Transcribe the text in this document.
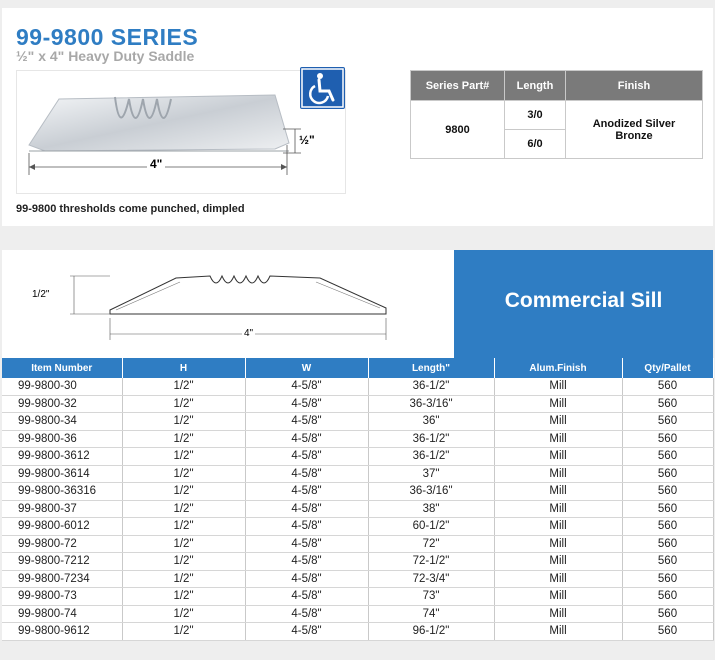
99-9800 SERIES
½" x 4" Heavy Duty Saddle
4"
½"
99-9800 thresholds come punched, dimpled
Series Part#	Length	Finish
9800	3/0	Anodized Silver
Bronze

	6/0	
1/2"
4"
Commercial Sill
Item Number	H	W	Length"	Alum.Finish	Qty/Pallet
99-9800-30	1/2"	4-5/8"	36-1/2"	Mill	560
99-9800-32	1/2"	4-5/8"	36-3/16"	Mill	560
99-9800-34	1/2"	4-5/8"	36"	Mill	560
99-9800-36	1/2"	4-5/8"	36-1/2"	Mill	560
99-9800-3612	1/2"	4-5/8"	36-1/2"	Mill	560
99-9800-3614	1/2"	4-5/8"	37"	Mill	560
99-9800-36316	1/2"	4-5/8"	36-3/16"	Mill	560
99-9800-37	1/2"	4-5/8"	38"	Mill	560
99-9800-6012	1/2"	4-5/8"	60-1/2"	Mill	560
99-9800-72	1/2"	4-5/8"	72"	Mill	560
99-9800-7212	1/2"	4-5/8"	72-1/2"	Mill	560
99-9800-7234	1/2"	4-5/8"	72-3/4"	Mill	560
99-9800-73	1/2"	4-5/8"	73"	Mill	560
99-9800-74	1/2"	4-5/8"	74"	Mill	560
99-9800-9612	1/2"	4-5/8"	96-1/2"	Mill	560
